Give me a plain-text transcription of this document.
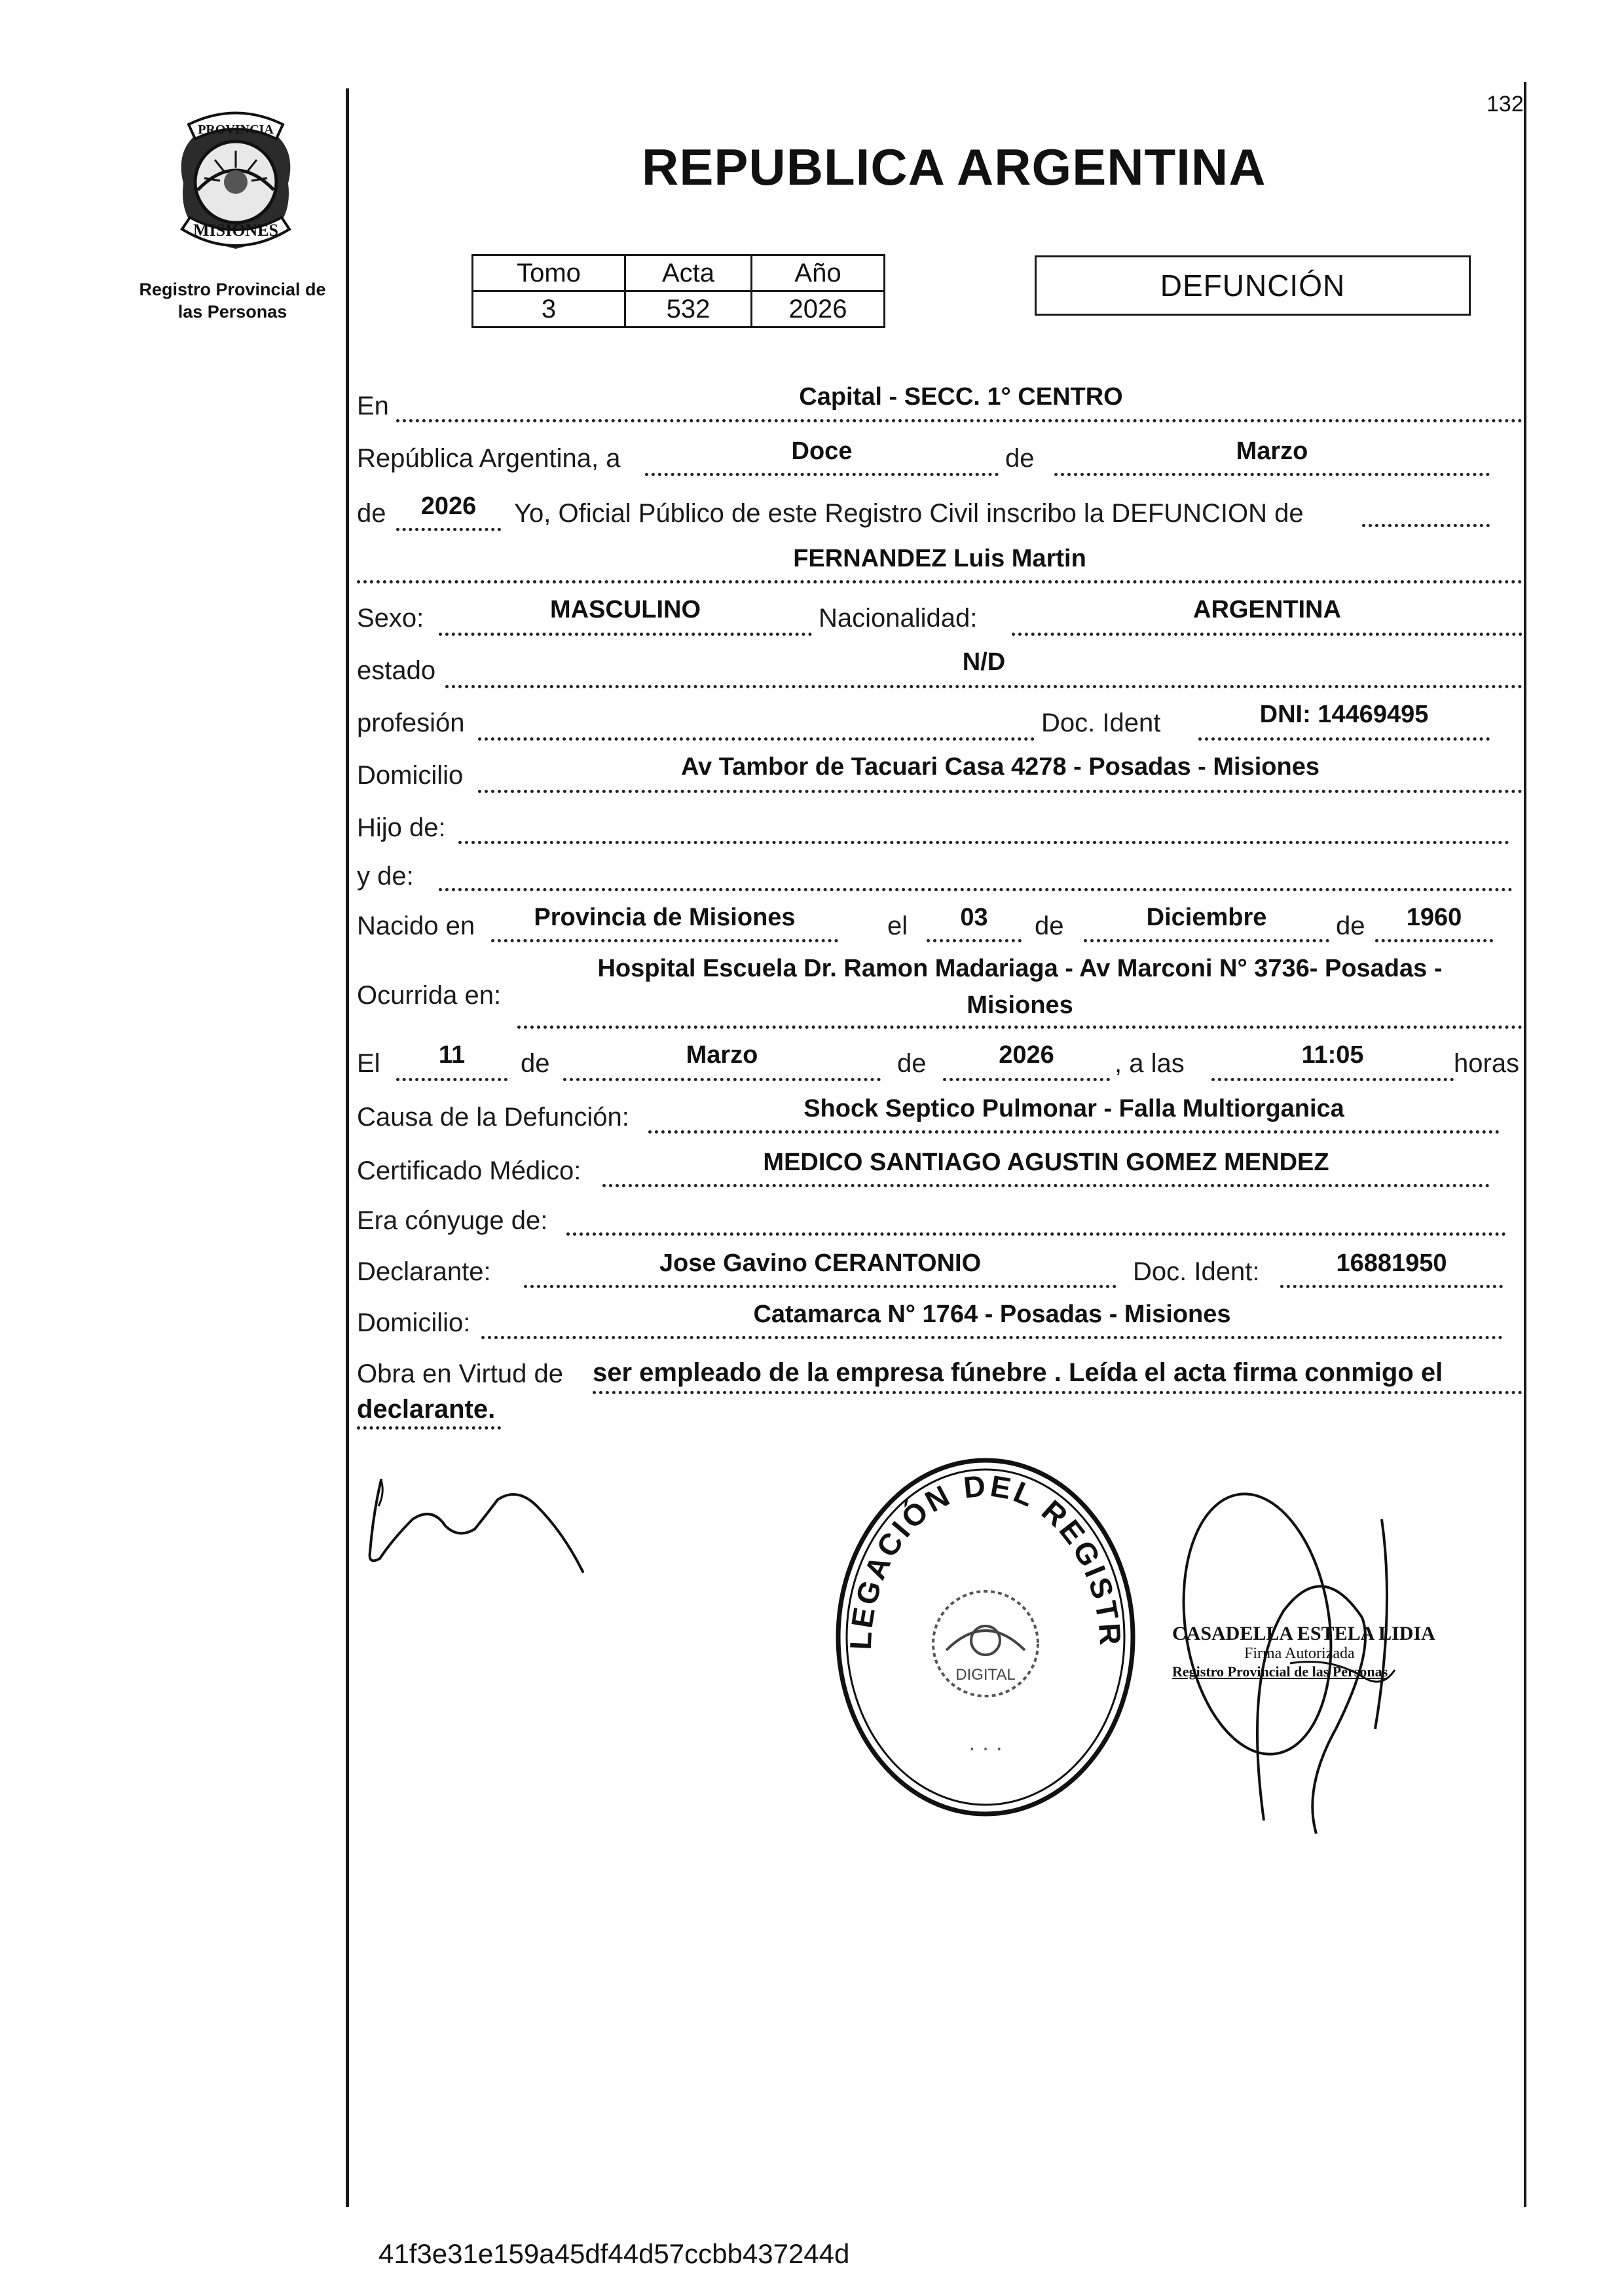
132
PROVINCIA
MISIONES
Registro Provincial de las Personas
REPUBLICA ARGENTINA
Tomo	Acta	Año
3	532	2026
DEFUNCIÓN
En	Capital - SECC. 1° CENTRO
República Argentina, a	Doce	de	Marzo
de	2026	Yo, Oficial Público de este Registro Civil inscribo la DEFUNCION de
FERNANDEZ Luis Martin
Sexo:	MASCULINO	Nacionalidad:	ARGENTINA
estado	N/D
profesión	Doc. Ident	DNI: 14469495
Domicilio	Av Tambor de Tacuari Casa 4278 - Posadas - Misiones
Hijo de:
y de:
Nacido en	Provincia de Misiones	el	03	de	Diciembre	de	1960
Ocurrida en:
Hospital Escuela Dr. Ramon Madariaga - Av Marconi N° 3736- Posadas -
Misiones
El	11	de	Marzo	de	2026	, a las	11:05	horas
Causa de la Defunción:	Shock Septico Pulmonar - Falla Multiorganica
Certificado Médico:	MEDICO SANTIAGO AGUSTIN GOMEZ MENDEZ
Era cónyuge de:
Declarante:	Jose Gavino CERANTONIO	Doc. Ident:	16881950
Domicilio:	Catamarca N° 1764 - Posadas - Misiones
Obra en Virtud de ser empleado de la empresa fúnebre . Leída el acta firma conmigo el
declarante.
LEGACIÓN DEL REGISTRO DE LAS PERSONAS
DIGITAL
· · ·
CASADELLA ESTELA LIDIA
Firma Autorizada
Registro Provincial de las Personas
41f3e31e159a45df44d57ccbb437244d
